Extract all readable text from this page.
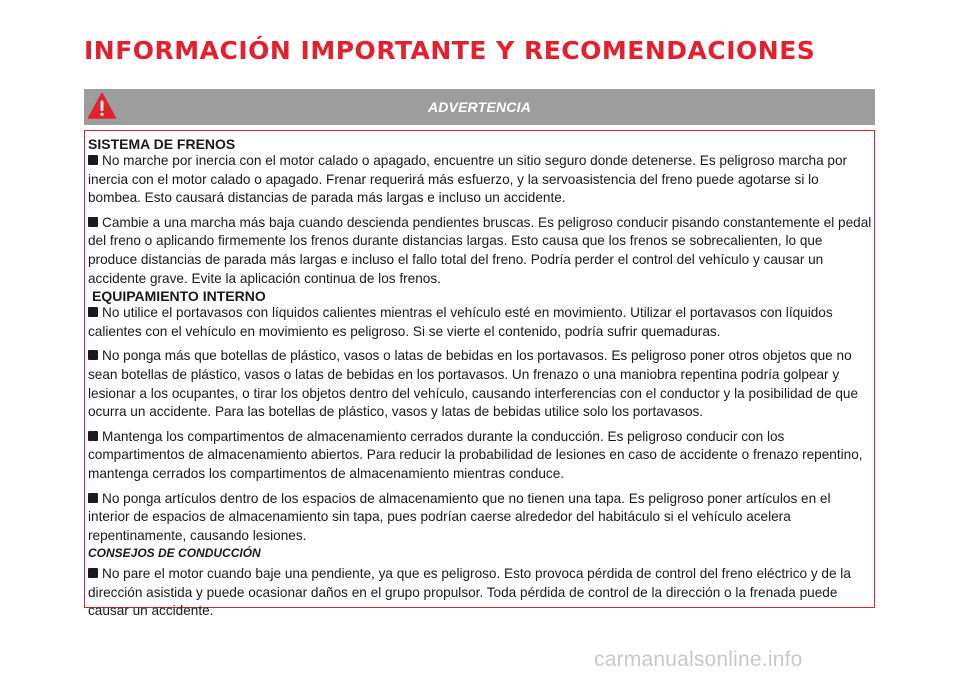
INFORMACIÓN IMPORTANTE Y RECOMENDACIONES
ADVERTENCIA

SISTEMA DE FRENOS

No marche por inercia con el motor calado o apagado, encuentre un sitio seguro donde detenerse. Es peligroso marcha por inercia con el motor calado o apagado. Frenar requerirá más esfuerzo, y la servoasistencia del freno puede agotarse si lo bombea. Esto causará distancias de parada más largas e incluso un accidente.

Cambie a una marcha más baja cuando descienda pendientes bruscas. Es peligroso conducir pisando constantemente el pedal del freno o aplicando firmemente los frenos durante distancias largas. Esto causa que los frenos se sobrecalienten, lo que produce distancias de parada más largas e incluso el fallo total del freno. Podría perder el control del vehículo y causar un accidente grave. Evite la aplicación continua de los frenos.

EQUIPAMIENTO INTERNO

No utilice el portavasos con líquidos calientes mientras el vehículo esté en movimiento. Utilizar el portavasos con líquidos calientes con el vehículo en movimiento es peligroso. Si se vierte el contenido, podría sufrir quemaduras.

No ponga más que botellas de plástico, vasos o latas de bebidas en los portavasos. Es peligroso poner otros objetos que no sean botellas de plástico, vasos o latas de bebidas en los portavasos. Un frenazo o una maniobra repentina podría golpear y lesionar a los ocupantes, o tirar los objetos dentro del vehículo, causando interferencias con el conductor y la posibilidad de que ocurra un accidente. Para las botellas de plástico, vasos y latas de bebidas utilice solo los portavasos.

Mantenga los compartimentos de almacenamiento cerrados durante la conducción. Es peligroso conducir con los compartimentos de almacenamiento abiertos. Para reducir la probabilidad de lesiones en caso de accidente o frenazo repentino, mantenga cerrados los compartimentos de almacenamiento mientras conduce.

No ponga artículos dentro de los espacios de almacenamiento que no tienen una tapa. Es peligroso poner artículos en el interior de espacios de almacenamiento sin tapa, pues podrían caerse alrededor del habitáculo si el vehículo acelera repentinamente, causando lesiones.

CONSEJOS DE CONDUCCIÓN

No pare el motor cuando baje una pendiente, ya que es peligroso. Esto provoca pérdida de control del freno eléctrico y de la dirección asistida y puede ocasionar daños en el grupo propulsor. Toda pérdida de control de la dirección o la frenada puede causar un accidente.

carmanualsonline.info
